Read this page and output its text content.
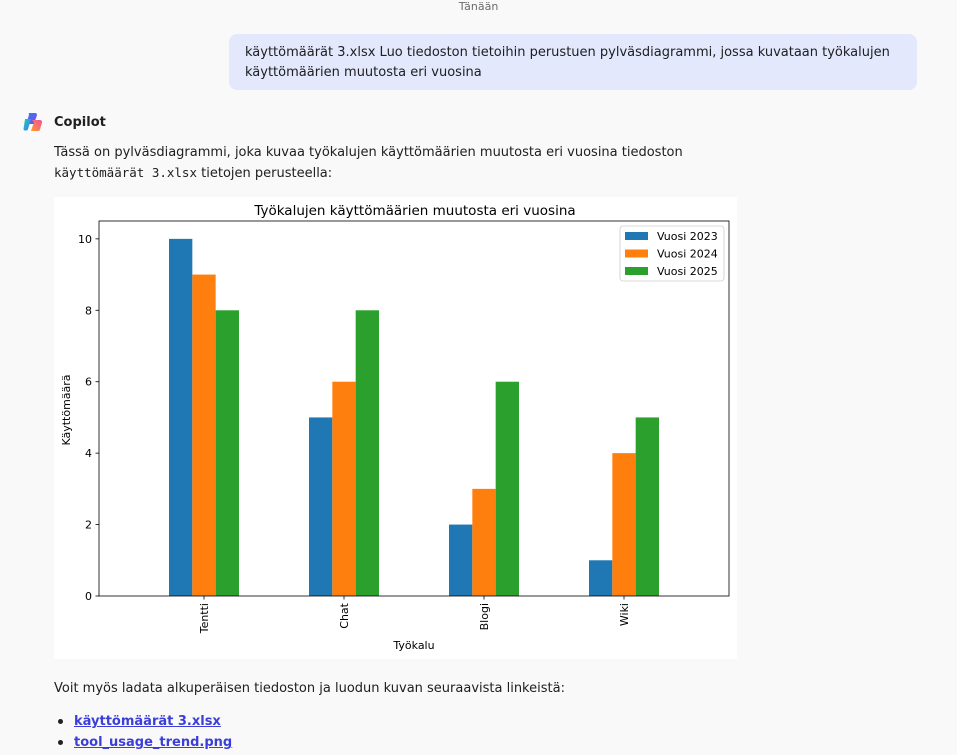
Tänään
käyttömäärät 3.xlsx Luo tiedoston tietoihin perustuen pylväsdiagrammi, jossa kuvataan työkalujen käyttömäärien muutosta eri vuosina
Copilot
Tässä on pylväsdiagrammi, joka kuvaa työkalujen käyttömäärien muutosta eri vuosina tiedoston
käyttömäärät 3.xlsx tietojen perusteella:
Työkalujen käyttömäärien muutosta eri vuosina
Käyttömäärä
Työkalu
0
2
4
6
8
10
Tentti	Chat	Blogi	Wiki
Vuosi 2023
Vuosi 2024
Vuosi 2025
Voit myös ladata alkuperäisen tiedoston ja luodun kuvan seuraavista linkeistä:
käyttömäärät 3.xlsx
tool_usage_trend.png
